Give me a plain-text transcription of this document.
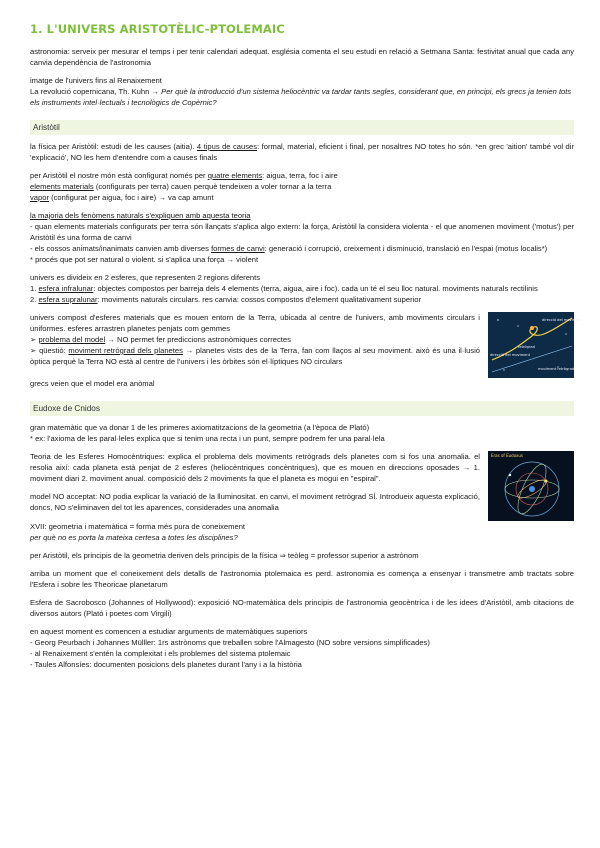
1. L'UNIVERS ARISTOTÈLIC-PTOLEMAIC

astronomia: serveix per mesurar el temps i per tenir calendari adequat. església comenta el seu estudi en relació a Setmana Santa: festivitat anual que cada any canvia dependència de l'astronomia

imatge de l'univers fins al Renaixement
La revolució copernicana, Th. Kuhn → Per què la introducció d'un sistema heliocèntric va tardar tants segles, considerant que, en principi, els grecs ja tenien tots els instruments intel·lectuals i tecnològics de Copèrnic?

Aristòtil

la física per Aristòtil: estudi de les causes (aitia). 4 tipus de causes: formal, material, eficient i final, per nosaltres NO totes ho són. *en grec 'aition' també vol dir 'explicació', NO les hem d'entendre com a causes finals

per Aristòtil el nostre món està configurat només per quatre elements: aigua, terra, foc i aire
elements materials (configurats per terra) cauen perquè tendeixen a voler tornar a la terra
vapor (configurat per aigua, foc i aire) → va cap amunt

la majoria dels fenòmens naturals s'expliquen amb aquesta teoria
- quan elements materials configurats per terra són llançats s'aplica algo extern: la força, Aristòtil la considera violenta - el que anomenen moviment ('motus') per Aristòtil és una forma de canvi
- els cossos animats/inanimats canvien amb diverses formes de canvi: generació i corrupció, creixement i disminució, translació en l'espai (motus localis*)
* procés que pot ser natural o violent. si s'aplica una força → violent

univers es divideix en 2 esferes, que representen 2 regions diferents
1. esfera infralunar: objectes compostos per barreja dels 4 elements (terra, aigua, aire i foc). cada un té el seu lloc natural. moviments naturals rectilinis
2. esfera supralunar: moviments naturals circulars. res canvia: cossos compostos d'element qualitativament superior

univers compost d'esferes materials que es mouen entorn de la Terra, ubicada al centre de l'univers, amb moviments circulars i uniformes. esferes arrastren planetes penjats com gemmes
➢ problema del model → NO permet fer prediccions astronòmiques correctes
➢ qüestió: moviment retrògrad dels planetes → planetes vists des de la Terra, fan com llaços al seu moviment. això és una il·lusió òptica perquè la Terra NO està al centre de l'univers i les òrbites són el·líptiques NO circulars

direcció del moviment
direcció del moviment
retrògrad
moviment retrògrad

grecs veien que el model era anòmal

Eudoxe de Cnidos

gran matemàtic que va donar 1 de les primeres axiomatitzacions de la geometria (a l'època de Plató)
* ex: l'axioma de les paral·leles explica que si tenim una recta i un punt, sempre podrem fer una paral·lela

Teoria de les Esferes Homocèntriques: explica el problema dels moviments retrògrads dels planetes com si fos una anomalia. el resolia així: cada planeta està penjat de 2 esferes (heliocèntriques concèntriques), que es mouen en direccions oposades → 1. moviment diari 2. moviment anual. composició dels 2 moviments fa que el planeta es mogui en "espiral".

model NO acceptat: NO podia explicar la variació de la lluminositat. en canvi, el moviment retrògrad SÍ. Introdueix aquesta explicació, doncs, NO s'eliminaven del tot les aparences, considerades una anomalia

Eras of Eudoxus

XVII: geometria i matemàtica = forma més pura de coneixement
per què no es porta la mateixa certesa a totes les disciplines?

per Aristòtil, els principis de la geometria deriven dels principis de la física ⇒ teòleg = professor superior a astrònom

arriba un moment que el coneixement dels detalls de l'astronomia ptolemaica es perd. astronomia es comença a ensenyar i transmetre amb tractats sobre l'Esfera i sobre les Theoricae planetarum

Esfera de Sacrobosco (Johannes of Hollywood): exposició NO-matemàtica dels principis de l'astronomia geocèntrica i de les idees d'Aristòtil, amb citacions de diversos autors (Plató i poetes com Virgili)

en aquest moment es comencen a estudiar arguments de matemàtiques superiors
- Georg Peurbach i Johannes Mülller: 1rs astrònoms que treballen sobre l'Almagesto (NO sobre versions simplificades)
- al Renaixement s'entén la complexitat i els problemes del sistema ptolemaic
- Taules Alfonsíes: documenten posicions dels planetes durant l'any i a la història
